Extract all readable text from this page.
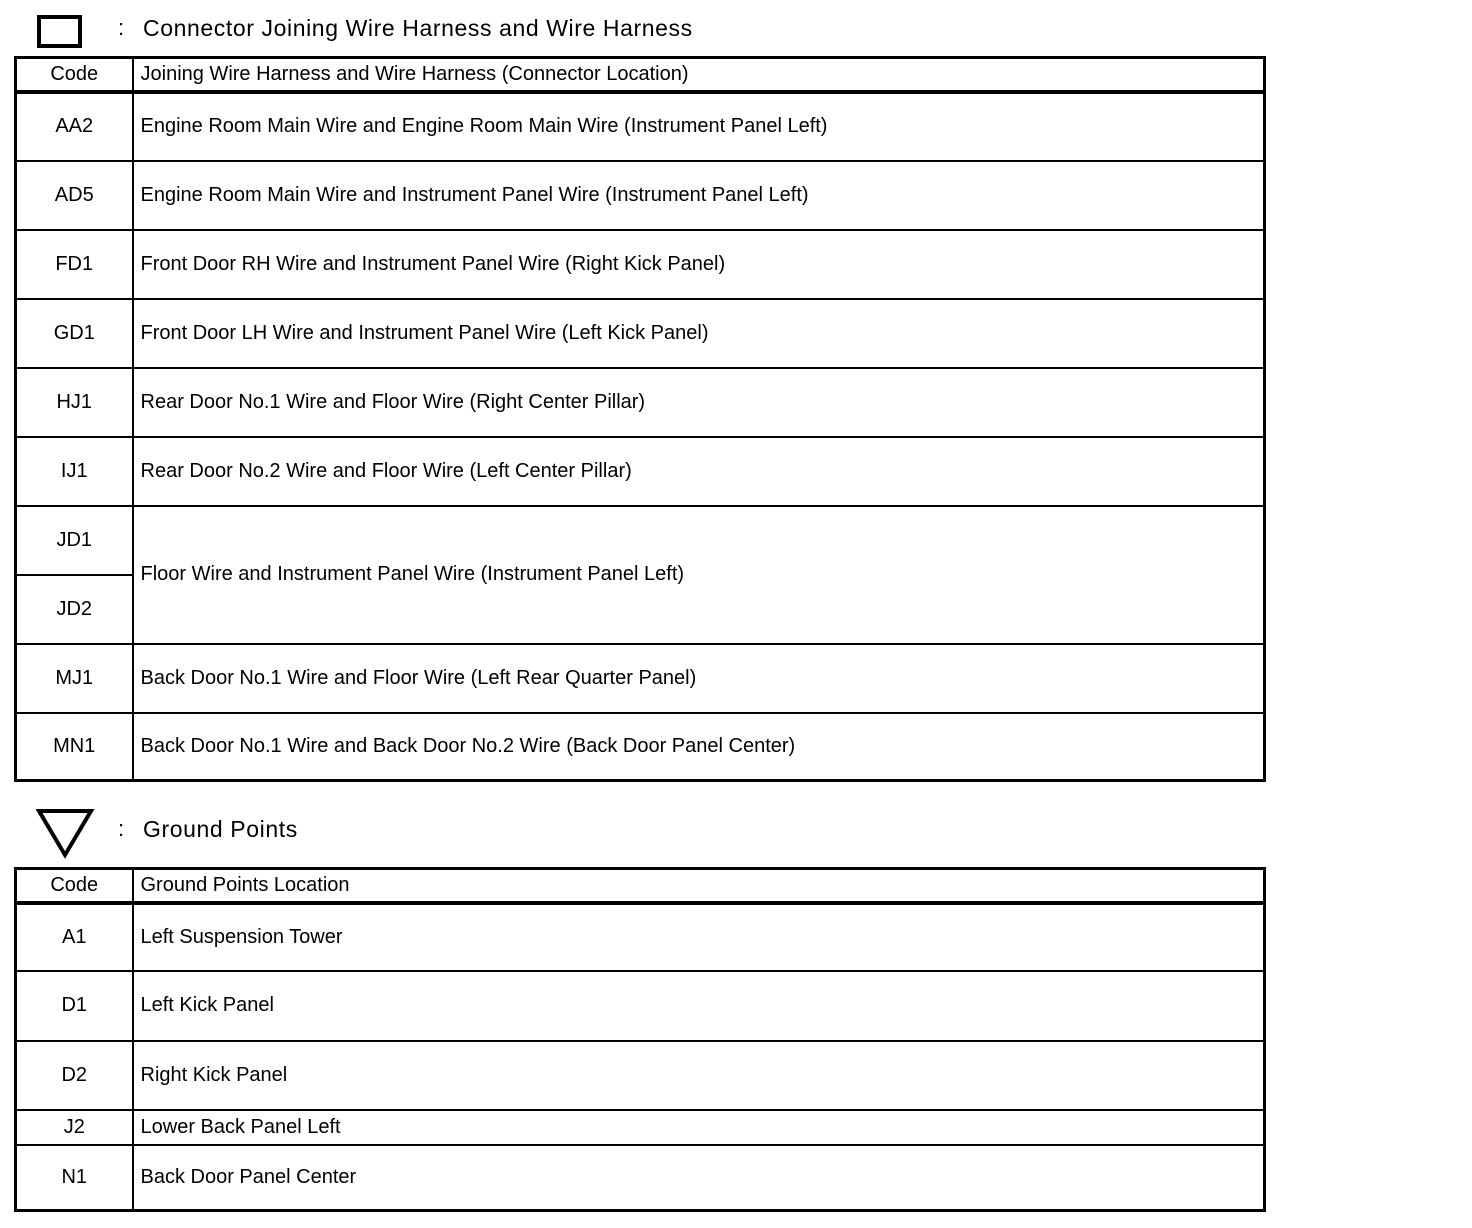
: Connector Joining Wire Harness and Wire Harness
Code	Joining Wire Harness and Wire Harness (Connector Location)
AA2	Engine Room Main Wire and Engine Room Main Wire (Instrument Panel Left)
AD5	Engine Room Main Wire and Instrument Panel Wire (Instrument Panel Left)
FD1	Front Door RH Wire and Instrument Panel Wire (Right Kick Panel)
GD1	Front Door LH Wire and Instrument Panel Wire (Left Kick Panel)
HJ1	Rear Door No.1 Wire and Floor Wire (Right Center Pillar)
IJ1	Rear Door No.2 Wire and Floor Wire (Left Center Pillar)
JD1	Floor Wire and Instrument Panel Wire (Instrument Panel Left)
JD2	
MJ1	Back Door No.1 Wire and Floor Wire (Left Rear Quarter Panel)
MN1	Back Door No.1 Wire and Back Door No.2 Wire (Back Door Panel Center)
: Ground Points
Code	Ground Points Location
A1	Left Suspension Tower
D1	Left Kick Panel
D2	Right Kick Panel
J2	Lower Back Panel Left
N1	Back Door Panel Center
